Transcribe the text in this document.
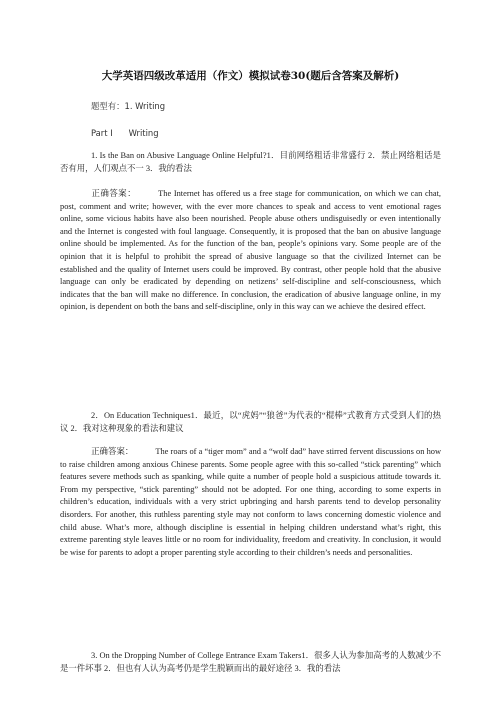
大学英语四级改革适用（作文）模拟试卷30(题后含答案及解析)
题型有：1. Writing
Part I      Writing
1. Is the Ban on Abusive Language Online Helpful?1．目前网络粗话非常盛行 2．禁止网络粗话是否有用，人们观点不一 3．我的看法
正确答案：	The Internet has offered us a free stage for communication, on which we can chat, post, comment and write; however, with the ever more chances to speak and access to vent emotional rages online, some vicious habits have also been nourished. People abuse others undisguisedly or even intentionally and the Internet is congested with foul language. Consequently, it is proposed that the ban on abusive language online should be implemented. As for the function of the ban, people’s opinions vary. Some people are of the opinion that it is helpful to prohibit the spread of abusive language so that the civilized Internet can be established and the quality of Internet users could be improved. By contrast, other people hold that the abusive language can only be eradicated by depending on netizens’ self-discipline and self-consciousness, which indicates that the ban will make no difference. In conclusion, the eradication of abusive language online, in my opinion, is dependent on both the bans and self-discipline, only in this way can we achieve the desired effect.
2．On Education Techniques1．最近，以“虎妈”“狼爸”为代表的“棍棒”式教育方式受到人们的热议 2．我对这种现象的看法和建议
正确答案：	The roars of a “tiger mom” and a “wolf dad” have stirred fervent discussions on how to raise children among anxious Chinese parents. Some people agree with this so-called “stick parenting” which features severe methods such as spanking, while quite a number of people hold a suspicious attitude towards it. From my perspective, “stick parenting” should not be adopted. For one thing, according to some experts in children’s education, individuals with a very strict upbringing and harsh parents tend to develop personality disorders. For another, this ruthless parenting style may not conform to laws concerning domestic violence and child abuse. What’s more, although discipline is essential in helping children understand what’s right, this extreme parenting style leaves little or no room for individuality, freedom and creativity. In conclusion, it would be wise for parents to adopt a proper parenting style according to their children’s needs and personalities.
3. On the Dropping Number of College Entrance Exam Takers1．很多人认为参加高考的人数减少不是一件坏事 2．但也有人认为高考仍是学生脱颖而出的最好途径 3．我的看法
